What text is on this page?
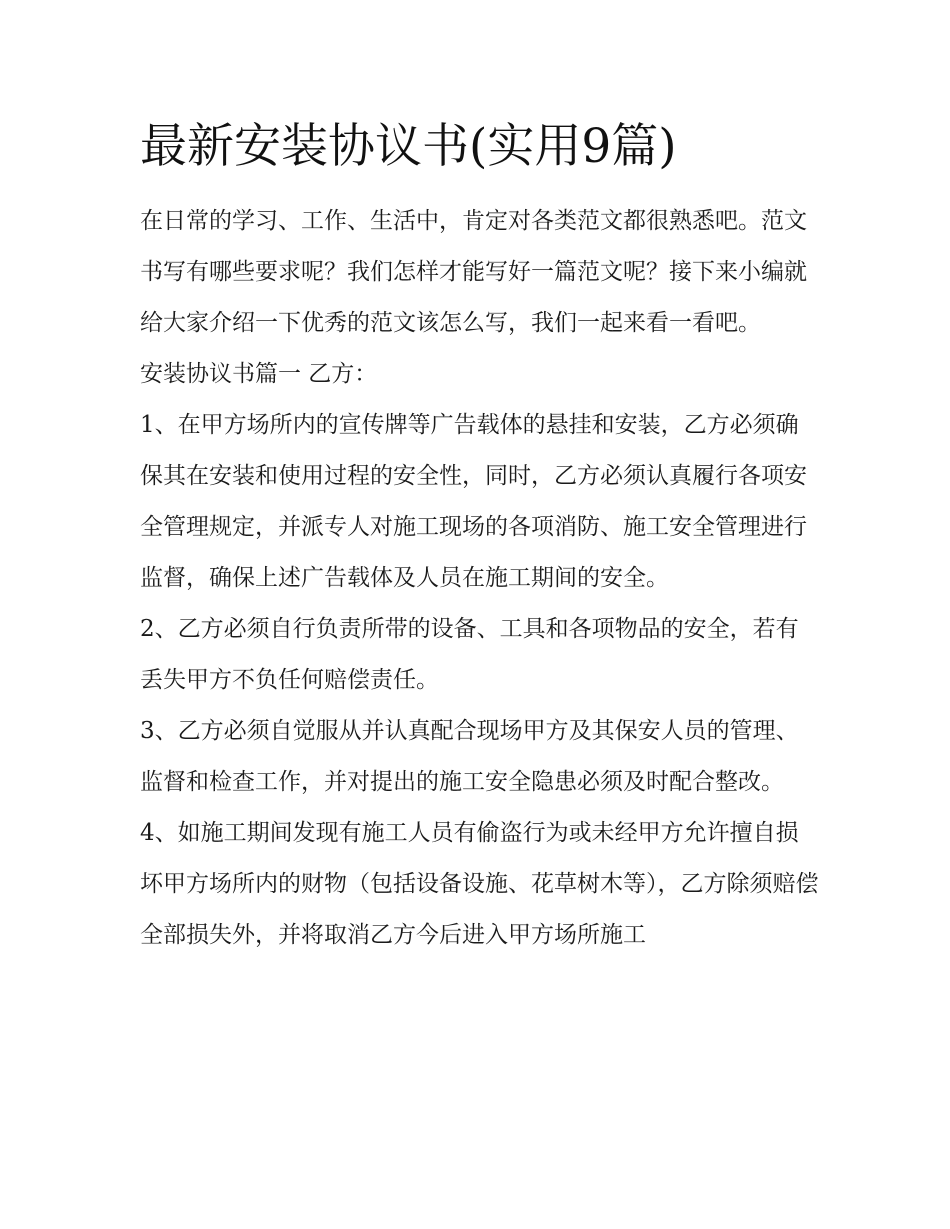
最新安装协议书(实用9篇)

在日常的学习、工作、生活中，肯定对各类范文都很熟悉吧。范文书写有哪些要求呢？我们怎样才能写好一篇范文呢？接下来小编就给大家介绍一下优秀的范文该怎么写，我们一起来看一看吧。

安装协议书篇一 乙方：

1、在甲方场所内的宣传牌等广告载体的悬挂和安装，乙方必须确保其在安装和使用过程的安全性，同时，乙方必须认真履行各项安全管理规定，并派专人对施工现场的各项消防、施工安全管理进行监督，确保上述广告载体及人员在施工期间的安全。

2、乙方必须自行负责所带的设备、工具和各项物品的安全，若有丢失甲方不负任何赔偿责任。

3、乙方必须自觉服从并认真配合现场甲方及其保安人员的管理、监督和检查工作，并对提出的施工安全隐患必须及时配合整改。

4、如施工期间发现有施工人员有偷盗行为或未经甲方允许擅自损坏甲方场所内的财物（包括设备设施、花草树木等），乙方除须赔偿全部损失外，并将取消乙方今后进入甲方场所施工
